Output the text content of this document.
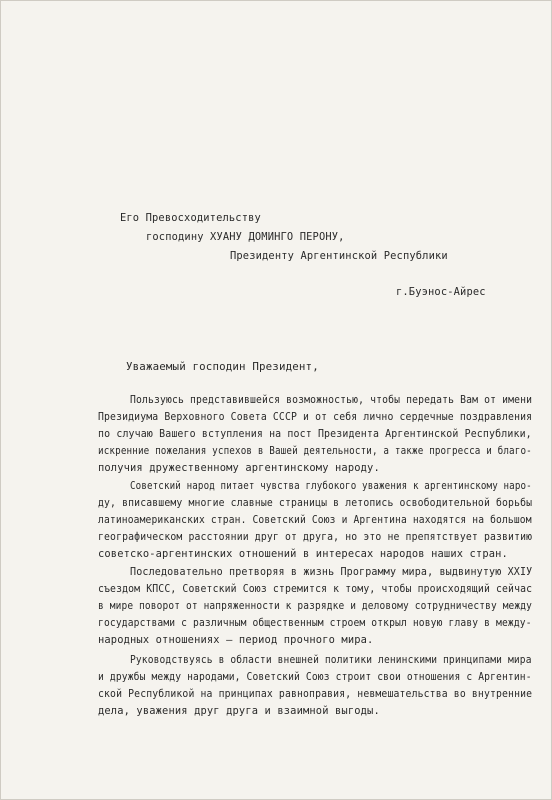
Его Превосходительству
господину ХУАНУ ДОМИНГО ПЕРОНУ,
Президенту Аргентинской Республики
г.Буэнос-Айрес
Уважаемый господин Президент,
Пользуюсь представившейся возможностью, чтобы передать Вам от имени
Президиума Верховного Совета СССР и от себя лично сердечные поздравления
по случаю Вашего вступления на пост Президента Аргентинской Республики,
искренние пожелания успехов в Вашей деятельности, а также прогресса и благо-
получия дружественному аргентинскому народу.
Советский народ питает чувства глубокого уважения к аргентинскому наро-
ду, вписавшему многие славные страницы в летопись освободительной борьбы
латиноамериканских стран. Советский Союз и Аргентина находятся на большом
географическом расстоянии друг от друга, но это не препятствует развитию
советско-аргентинских отношений в интересах народов наших стран.
Последовательно претворяя в жизнь Программу мира, выдвинутую XXIУ
съездом КПСС, Советский Союз стремится к тому, чтобы происходящий сейчас
в мире поворот от напряженности к разрядке и деловому сотрудничеству между
государствами с различным общественным строем открыл новую главу в между-
народных отношениях – период прочного мира.
Руководствуясь в области внешней политики ленинскими принципами мира
и дружбы между народами, Советский Союз строит свои отношения с Аргентин-
ской Республикой на принципах равноправия, невмешательства во внутренние
дела, уважения друг друга и взаимной выгоды.
